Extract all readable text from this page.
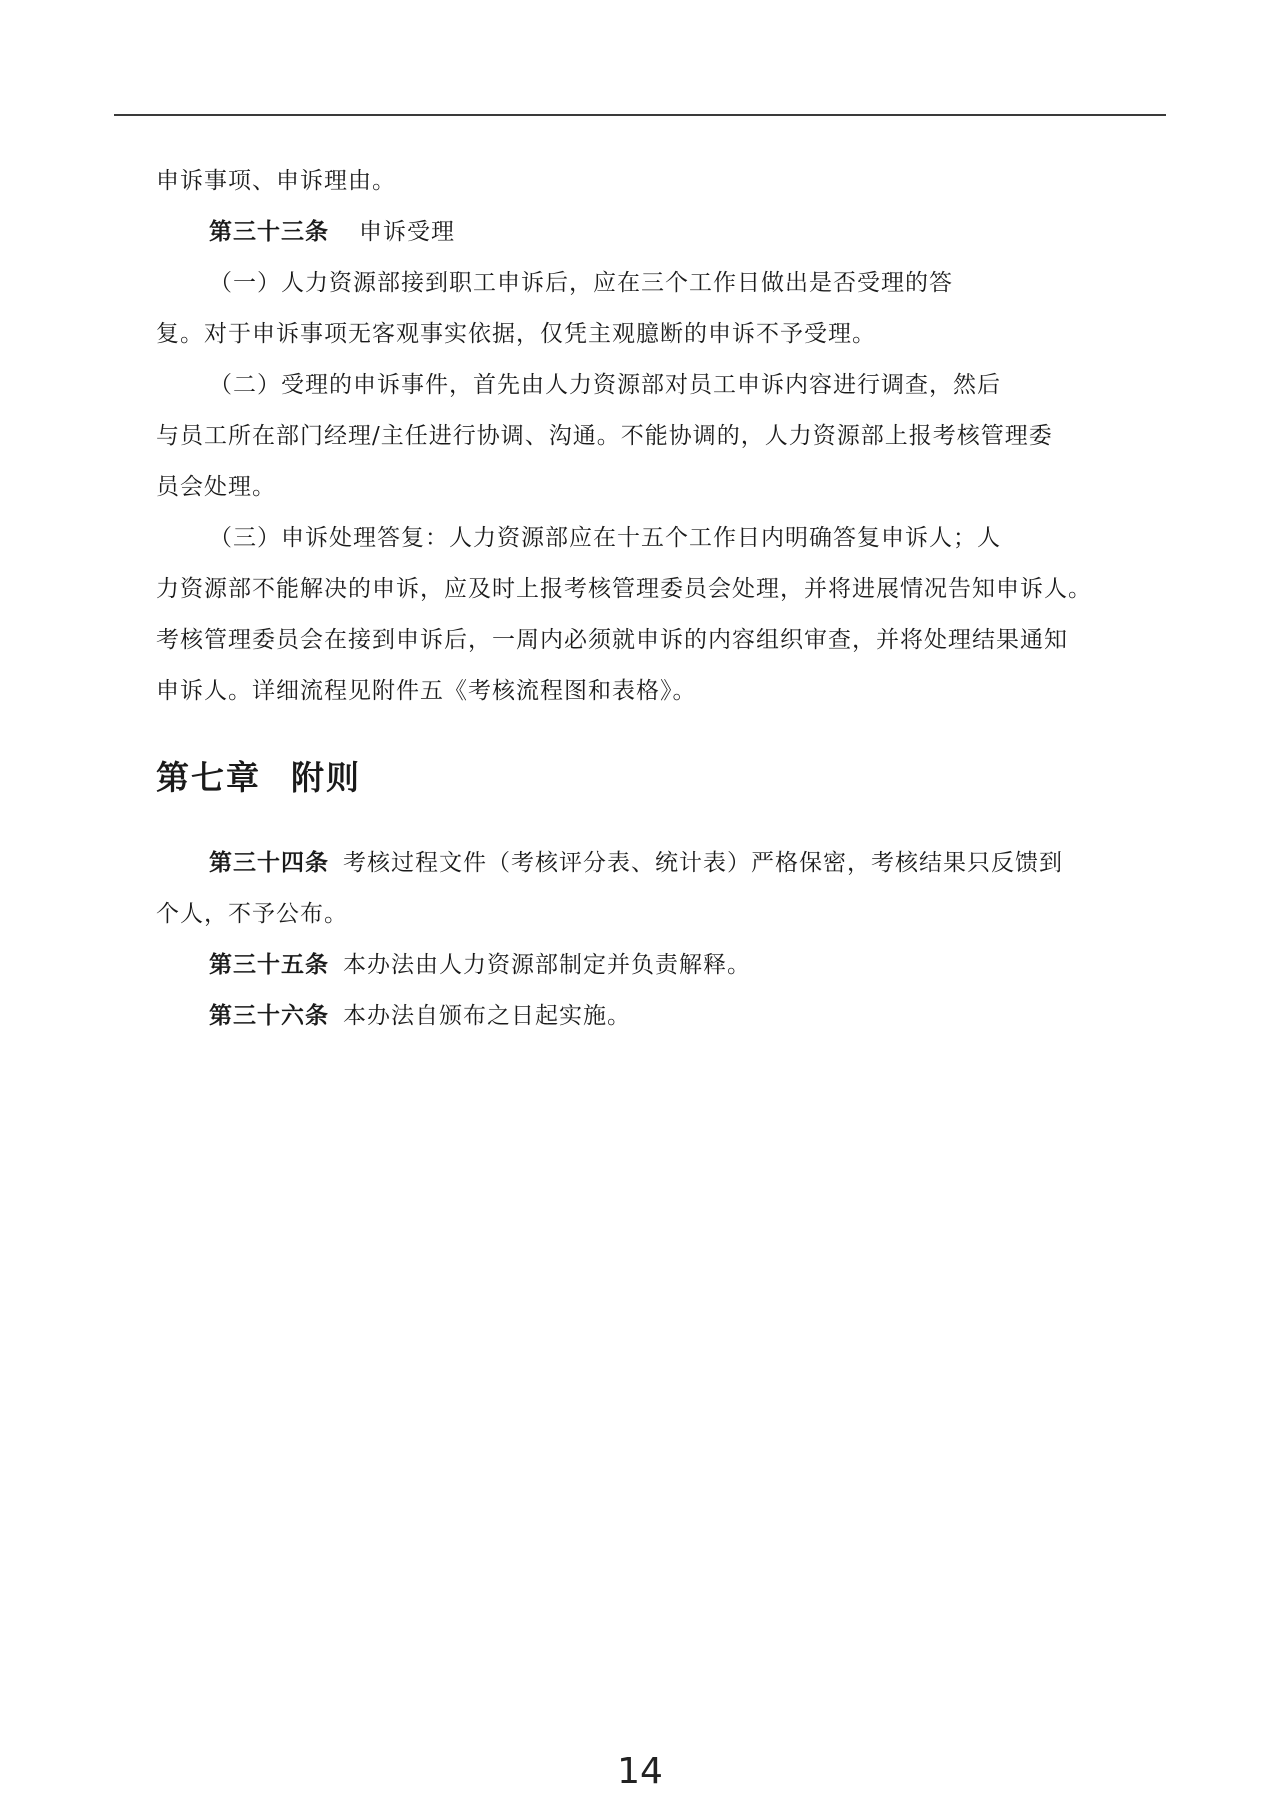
申诉事项、申诉理由。
第三十三条 申诉受理
（一）人力资源部接到职工申诉后，应在三个工作日做出是否受理的答
复。对于申诉事项无客观事实依据，仅凭主观臆断的申诉不予受理。
（二）受理的申诉事件，首先由人力资源部对员工申诉内容进行调查，然后
与员工所在部门经理/主任进行协调、沟通。不能协调的，人力资源部上报考核管理委
员会处理。
（三）申诉处理答复：人力资源部应在十五个工作日内明确答复申诉人；人
力资源部不能解决的申诉，应及时上报考核管理委员会处理，并将进展情况告知申诉人。
考核管理委员会在接到申诉后，一周内必须就申诉的内容组织审查，并将处理结果通知
申诉人。详细流程见附件五《考核流程图和表格》。
第七章 附则
第三十四条 考核过程文件（考核评分表、统计表）严格保密，考核结果只反馈到
个人，不予公布。
第三十五条 本办法由人力资源部制定并负责解释。
第三十六条 本办法自颁布之日起实施。
14
